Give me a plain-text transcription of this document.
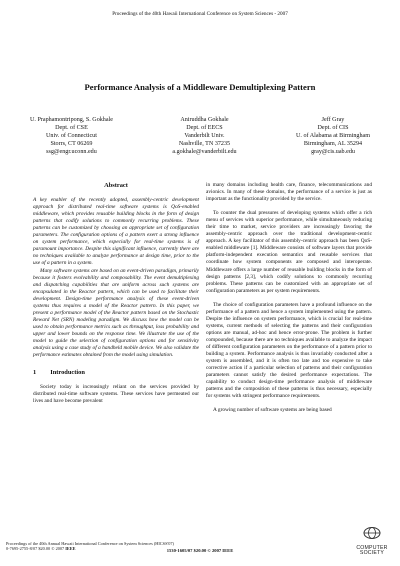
Proceedings of the 40th Hawaii International Conference on System Sciences - 2007
Performance Analysis of a Middleware Demultiplexing Pattern
U. Praphamontripong, S. Gokhale
Dept. of CSE
Univ. of Connecticut
Storrs, CT 06269
ssg@engr.uconn.edu
Aniruddha Gokhale
Dept. of EECS
Vanderbilt Univ.
Nashville, TN 37235
a.gokhale@vanderbilt.edu
Jeff Gray
Dept. of CIS
U. of Alabama at Birmingham
Birmingham, AL 35294
gray@cis.uab.edu
Abstract

A key enabler of the recently adopted, assembly-centric development approach for distributed real-time software systems is QoS-enabled middleware, which provides reusable building blocks in the form of design patterns that codify solutions to commonly recurring problems. These patterns can be customized by choosing an appropriate set of configuration parameters. The configuration options of a pattern exert a strong influence on system performance, which especially for real-time systems is of paramount importance. Despite this significant influence, currently there are no techniques available to analyze performance at design time, prior to the use of a pattern in a system.

Many software systems are based on an event-driven paradigm, primarily because it fosters evolvability and composability. The event demultiplexing and dispatching capabilities that are uniform across such systems are encapsulated in the Reactor pattern, which can be used to facilitate their development. Design-time performance analysis of these event-driven systems thus requires a model of the Reactor pattern. In this paper, we present a performance model of the Reactor pattern based on the Stochastic Reward Net (SRN) modeling paradigm. We discuss how the model can be used to obtain performance metrics such as throughput, loss probability and upper and lower bounds on the response time. We illustrate the use of the model to guide the selection of configuration options and for sensitivity analysis using a case study of a handheld mobile device. We also validate the performance estimates obtained from the model using simulation.

1 Introduction

Society today is increasingly reliant on the services provided by distributed real-time software systems. These services have permeated our lives and have become prevalent

in many domains including health care, finance, telecommunications and avionics. In many of these domains, the performance of a service is just as important as the functionality provided by the service.

To counter the dual pressures of developing systems which offer a rich menu of services with superior performance, while simultaneously reducing their time to market, service providers are increasingly favoring the assembly-centric approach over the traditional development-centric approach. A key facilitator of this assembly-centric approach has been QoS-enabled middleware [1]. Middleware consists of software layers that provide platform-independent execution semantics and reusable services that coordinate how system components are composed and interoperate. Middleware offers a large number of reusable building blocks in the form of design patterns [2,3], which codify solutions to commonly recurring problems. These patterns can be customized with an appropriate set of configuration parameters as per system requirements.

The choice of configuration parameters have a profound influence on the performance of a pattern and hence a system implemented using the pattern. Despite the influence on system performance, which is crucial for real-time systems, current methods of selecting the patterns and their configuration options are manual, ad-hoc and hence error-prone. The problem is further compounded, because there are no techniques available to analyze the impact of different configuration parameters on the performance of a pattern prior to building a system. Performance analysis is thus invariably conducted after a system is assembled, and it is often too late and too expensive to take corrective action if a particular selection of patterns and their configuration parameters cannot satisfy the desired performance expectations. The capability to conduct design-time performance analysis of middleware patterns and the composition of these patterns is thus necessary, especially for systems with stringent performance requirements.

A growing number of software systems are being based

Proceedings of the 40th Annual Hawaii International Conference on System Sciences (HICSS'07)
0-7695-2755-8/07 $20.00 © 2007 IEEE	1530-1605/07 $20.00 © 2007 IEEE	COMPUTER
SOCIETY
